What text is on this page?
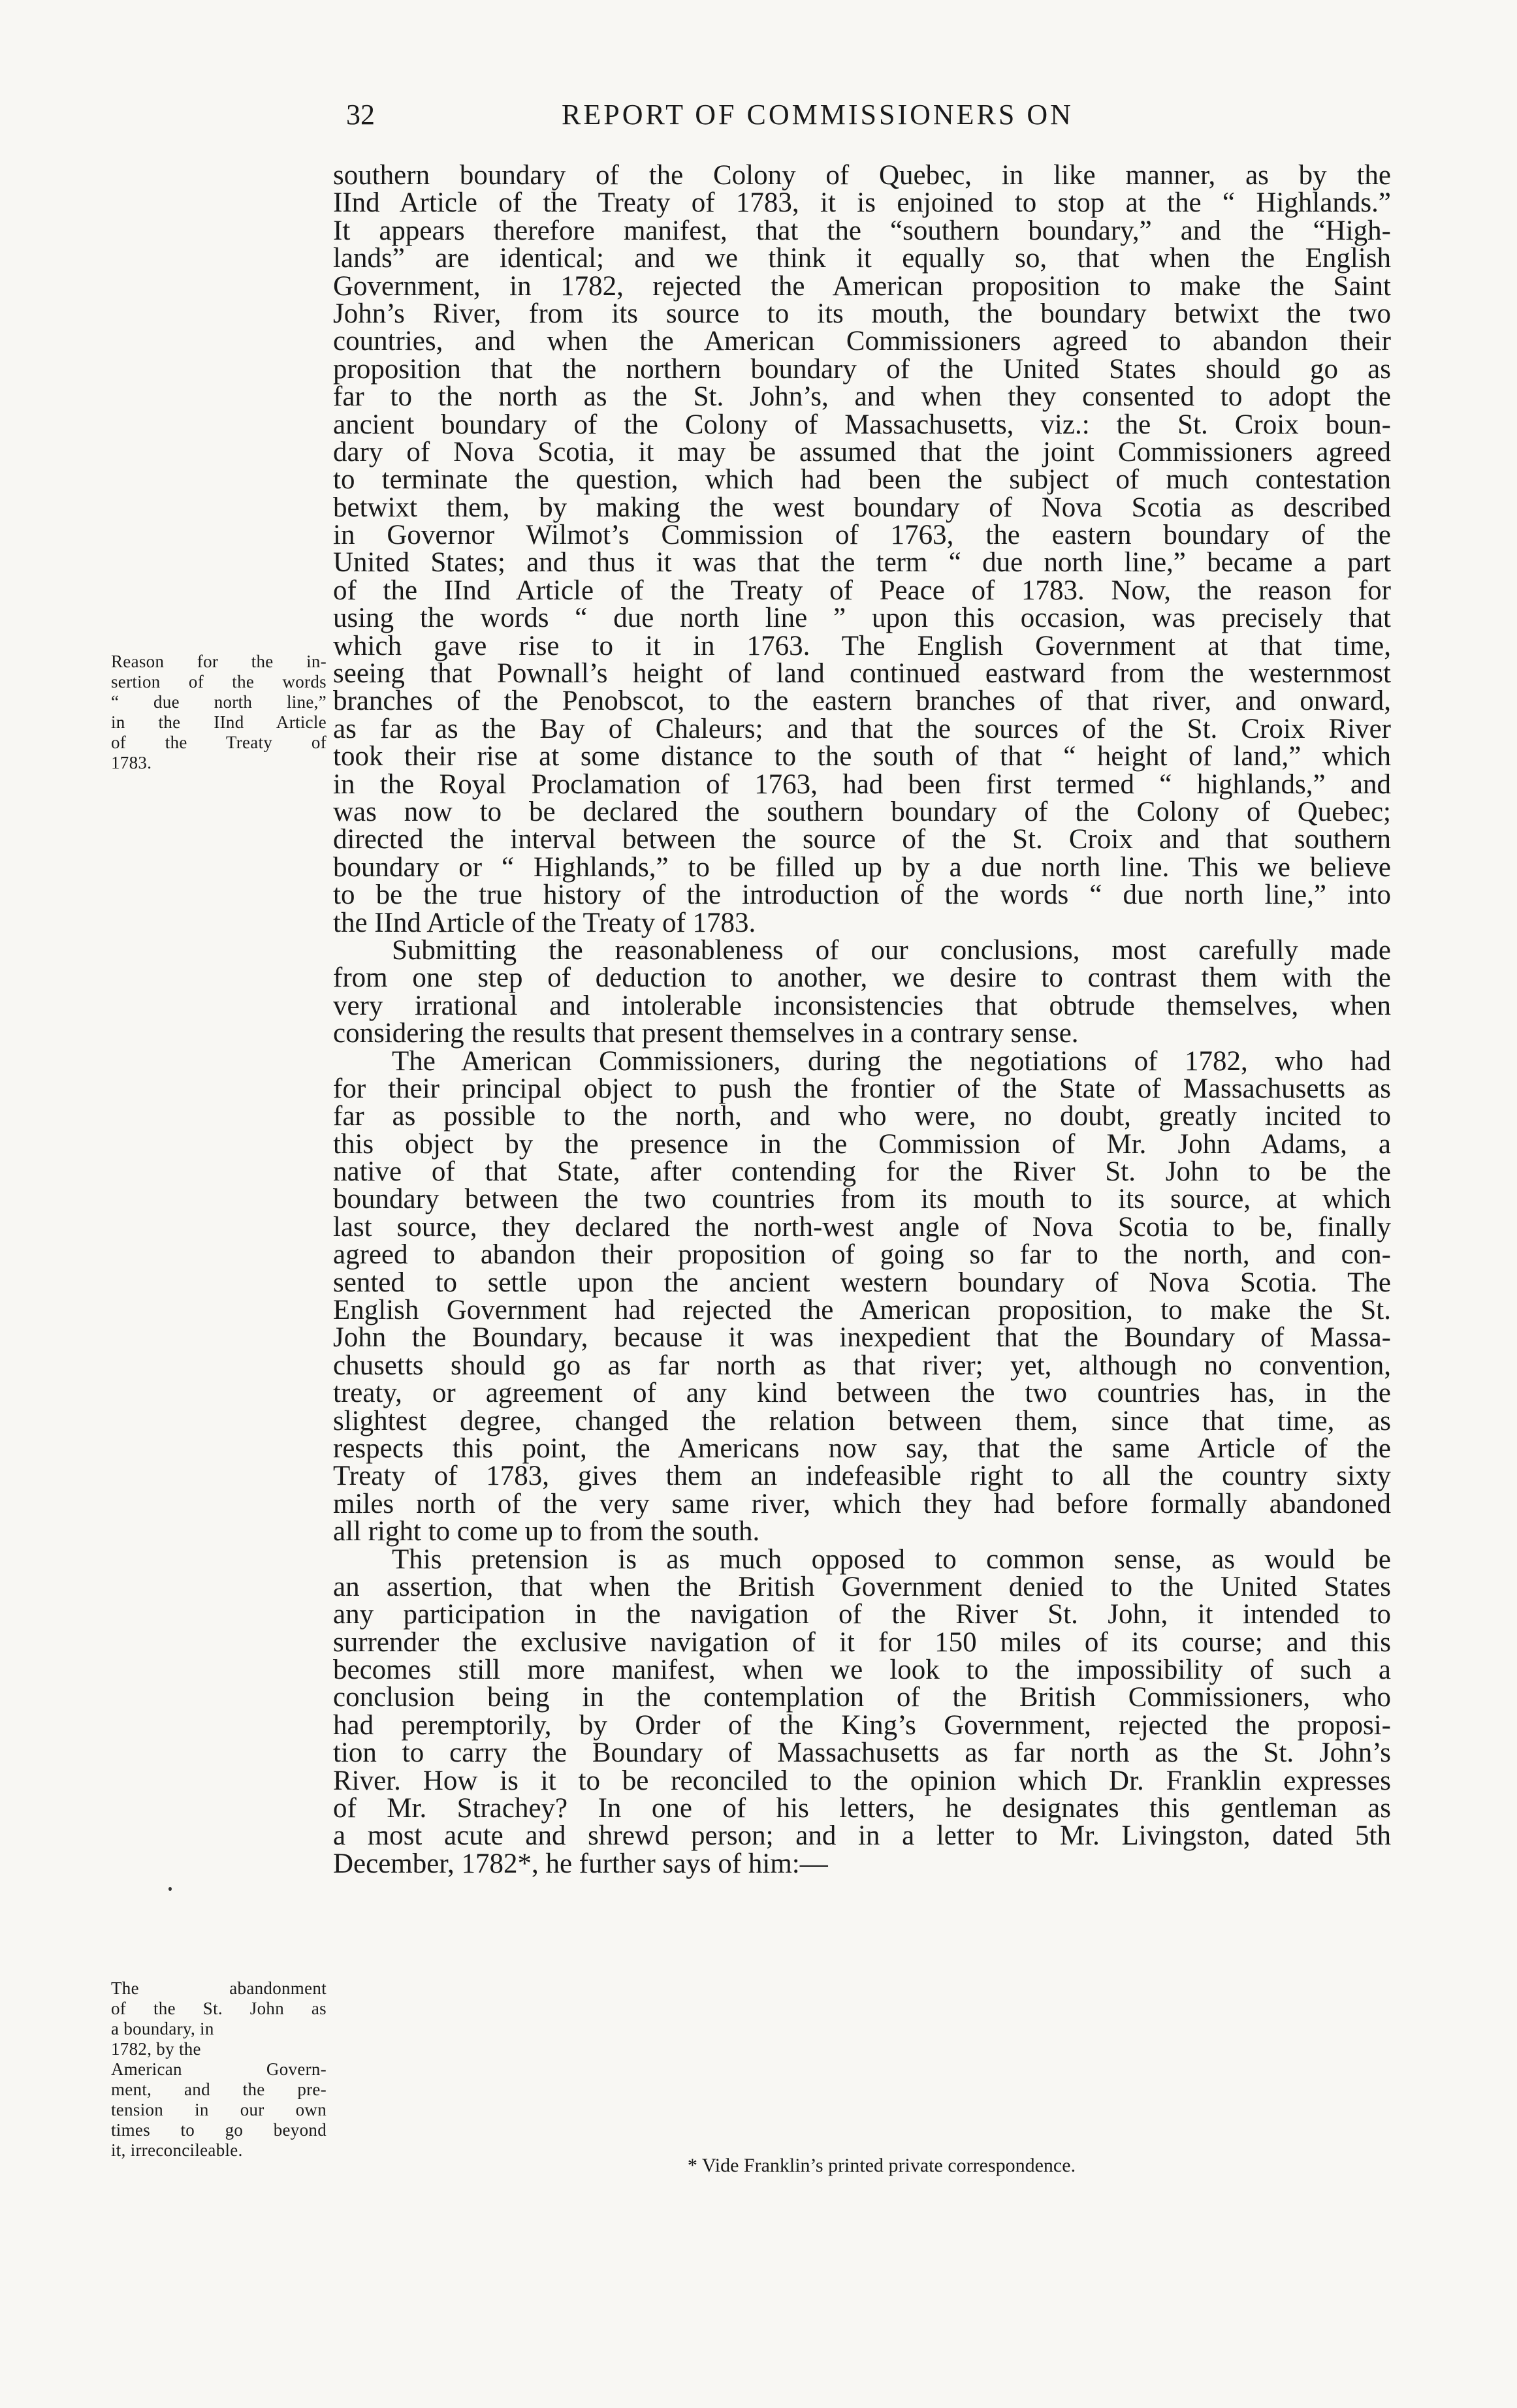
32	REPORT OF COMMISSIONERS ON
southern boundary of the Colony of Quebec, in like manner, as by the
IInd Article of the Treaty of 1783, it is enjoined to stop at the “ Highlands.”
It appears therefore manifest, that the “southern boundary,” and the “High-
lands” are identical; and we think it equally so, that when the English
Government, in 1782, rejected the American proposition to make the Saint
John’s River, from its source to its mouth, the boundary betwixt the two
countries, and when the American Commissioners agreed to abandon their
proposition that the northern boundary of the United States should go as
far to the north as the St. John’s, and when they consented to adopt the
ancient boundary of the Colony of Massachusetts, viz.: the St. Croix boun-
dary of Nova Scotia, it may be assumed that the joint Commissioners agreed
to terminate the question, which had been the subject of much contestation
betwixt them, by making the west boundary of Nova Scotia as described
in Governor Wilmot’s Commission of 1763, the eastern boundary of the
United States; and thus it was that the term “ due north line,” became a part
of the IInd Article of the Treaty of Peace of 1783. Now, the reason for
using the words “ due north line ” upon this occasion, was precisely that
which gave rise to it in 1763. The English Government at that time,
seeing that Pownall’s height of land continued eastward from the westernmost
branches of the Penobscot, to the eastern branches of that river, and onward,
as far as the Bay of Chaleurs; and that the sources of the St. Croix River
took their rise at some distance to the south of that “ height of land,” which
in the Royal Proclamation of 1763, had been first termed “ highlands,” and
was now to be declared the southern boundary of the Colony of Quebec;
directed the interval between the source of the St. Croix and that southern
boundary or “ Highlands,” to be filled up by a due north line. This we believe
to be the true history of the introduction of the words “ due north line,” into
the IInd Article of the Treaty of 1783.
Submitting the reasonableness of our conclusions, most carefully made
from one step of deduction to another, we desire to contrast them with the
very irrational and intolerable inconsistencies that obtrude themselves, when
considering the results that present themselves in a contrary sense.
The American Commissioners, during the negotiations of 1782, who had
for their principal object to push the frontier of the State of Massachusetts as
far as possible to the north, and who were, no doubt, greatly incited to
this object by the presence in the Commission of Mr. John Adams, a
native of that State, after contending for the River St. John to be the
boundary between the two countries from its mouth to its source, at which
last source, they declared the north-west angle of Nova Scotia to be, finally
agreed to abandon their proposition of going so far to the north, and con-
sented to settle upon the ancient western boundary of Nova Scotia. The
English Government had rejected the American proposition, to make the St.
John the Boundary, because it was inexpedient that the Boundary of Massa-
chusetts should go as far north as that river; yet, although no convention,
treaty, or agreement of any kind between the two countries has, in the
slightest degree, changed the relation between them, since that time, as
respects this point, the Americans now say, that the same Article of the
Treaty of 1783, gives them an indefeasible right to all the country sixty
miles north of the very same river, which they had before formally abandoned
all right to come up to from the south.
This pretension is as much opposed to common sense, as would be
an assertion, that when the British Government denied to the United States
any participation in the navigation of the River St. John, it intended to
surrender the exclusive navigation of it for 150 miles of its course; and this
becomes still more manifest, when we look to the impossibility of such a
conclusion being in the contemplation of the British Commissioners, who
had peremptorily, by Order of the King’s Government, rejected the proposi-
tion to carry the Boundary of Massachusetts as far north as the St. John’s
River. How is it to be reconciled to the opinion which Dr. Franklin expresses
of Mr. Strachey? In one of his letters, he designates this gentleman as
a most acute and shrewd person; and in a letter to Mr. Livingston, dated 5th
December, 1782*, he further says of him:—
Reason for the in-
sertion of the words
“ due north line,”
in the IInd Article
of the Treaty of
1783.
The abandonment
of the St. John as
a boundary, in
1782, by the
American Govern-
ment, and the pre-
tension in our own
times to go beyond
it, irreconcileable.
* Vide Franklin’s printed private correspondence.
